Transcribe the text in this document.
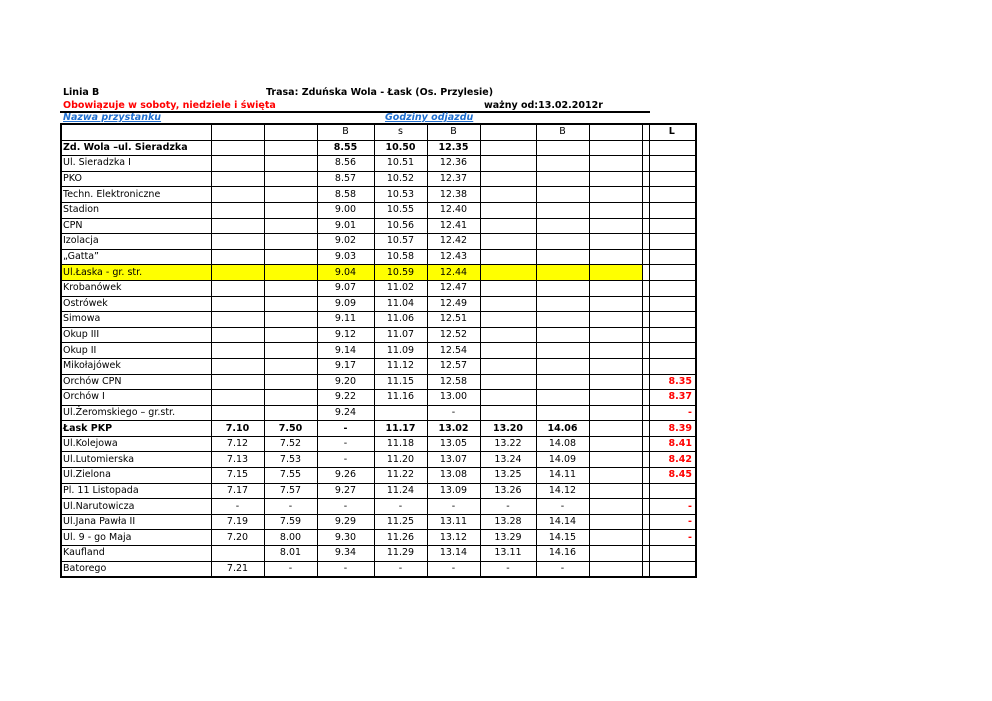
Linia B	Trasa: Zduńska Wola - Łask (Os. Przylesie)
Obowiązuje w soboty, niedziele i święta	ważny od:13.02.2012r
Nazwa przystanku	Godziny odjazdu
			B	s	B		B			L
Zd. Wola –ul. Sieradzka			8.55	10.50	12.35					
Ul. Sieradzka I			8.56	10.51	12.36					
PKO			8.57	10.52	12.37					
Techn. Elektroniczne			8.58	10.53	12.38					
Stadion			9.00	10.55	12.40					
CPN			9.01	10.56	12.41					
Izolacja			9.02	10.57	12.42					
„Gatta”			9.03	10.58	12.43					
Ul.Łaska - gr. str.			9.04	10.59	12.44					
Krobanówek			9.07	11.02	12.47					
Ostrówek			9.09	11.04	12.49					
Simowa			9.11	11.06	12.51					
Okup III			9.12	11.07	12.52					
Okup II			9.14	11.09	12.54					
Mikołajówek			9.17	11.12	12.57					
Orchów CPN			9.20	11.15	12.58					8.35
Orchów I			9.22	11.16	13.00					8.37
Ul.Żeromskiego – gr.str.			9.24		-					-
Łask PKP	7.10	7.50	-	11.17	13.02	13.20	14.06			8.39
Ul.Kolejowa	7.12	7.52	-	11.18	13.05	13.22	14.08			8.41
Ul.Lutomierska	7.13	7.53	-	11.20	13.07	13.24	14.09			8.42
Ul.Zielona	7.15	7.55	9.26	11.22	13.08	13.25	14.11			8.45
Pl. 11 Listopada	7.17	7.57	9.27	11.24	13.09	13.26	14.12			
Ul.Narutowicza	-	-	-	-	-	-	-			-
Ul.Jana Pawła II	7.19	7.59	9.29	11.25	13.11	13.28	14.14			-
Ul. 9 - go Maja	7.20	8.00	9.30	11.26	13.12	13.29	14.15			-
Kaufland		8.01	9.34	11.29	13.14	13.11	14.16			
Batorego	7.21	-	-	-	-	-	-			
